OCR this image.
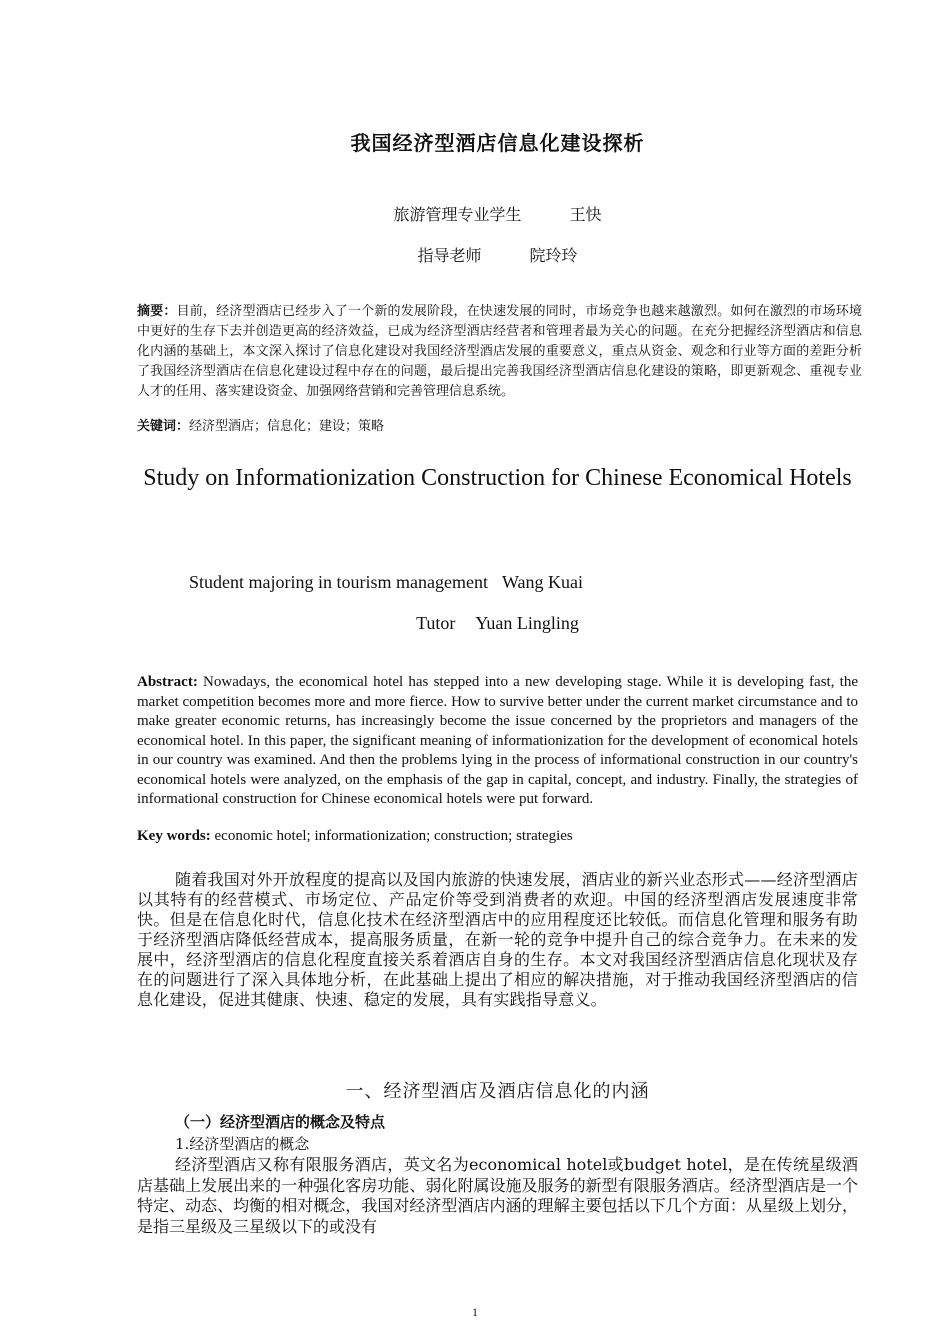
我国经济型酒店信息化建设探析
旅游管理专业学生	王快
指导老师	院玲玲
摘要：目前，经济型酒店已经步入了一个新的发展阶段，在快速发展的同时，市场竞争也越来越激烈。如何在激烈的市场环境中更好的生存下去并创造更高的经济效益，已成为经济型酒店经营者和管理者最为关心的问题。在充分把握经济型酒店和信息化内涵的基础上，本文深入探讨了信息化建设对我国经济型酒店发展的重要意义，重点从资金、观念和行业等方面的差距分析了我国经济型酒店在信息化建设过程中存在的问题，最后提出完善我国经济型酒店信息化建设的策略，即更新观念、重视专业人才的任用、落实建设资金、加强网络营销和完善管理信息系统。
关键词：经济型酒店；信息化；建设；策略
Study on Informationization Construction for Chinese Economical Hotels
Student majoring in tourism management Wang Kuai
Tutor Yuan Lingling
Abstract: Nowadays, the economical hotel has stepped into a new developing stage. While it is developing fast, the market competition becomes more and more fierce. How to survive better under the current market circumstance and to make greater economic returns, has increasingly become the issue concerned by the proprietors and managers of the economical hotel. In this paper, the significant meaning of informationization for the development of economical hotels in our country was examined. And then the problems lying in the process of informational construction in our country's economical hotels were analyzed, on the emphasis of the gap in capital, concept, and industry. Finally, the strategies of informational construction for Chinese economical hotels were put forward.
Key words: economic hotel; informationization; construction; strategies
随着我国对外开放程度的提高以及国内旅游的快速发展，酒店业的新兴业态形式——经济型酒店以其特有的经营模式、市场定位、产品定价等受到消费者的欢迎。中国的经济型酒店发展速度非常快。但是在信息化时代，信息化技术在经济型酒店中的应用程度还比较低。而信息化管理和服务有助于经济型酒店降低经营成本，提高服务质量，在新一轮的竞争中提升自己的综合竞争力。在未来的发展中，经济型酒店的信息化程度直接关系着酒店自身的生存。本文对我国经济型酒店信息化现状及存在的问题进行了深入具体地分析，在此基础上提出了相应的解决措施，对于推动我国经济型酒店的信息化建设，促进其健康、快速、稳定的发展，具有实践指导意义。
一、经济型酒店及酒店信息化的内涵
（一）经济型酒店的概念及特点
1.经济型酒店的概念
经济型酒店又称有限服务酒店，英文名为economical hotel或budget hotel，是在传统星级酒店基础上发展出来的一种强化客房功能、弱化附属设施及服务的新型有限服务酒店。经济型酒店是一个特定、动态、均衡的相对概念，我国对经济型酒店内涵的理解主要包括以下几个方面：从星级上划分，是指三星级及三星级以下的或没有
1
